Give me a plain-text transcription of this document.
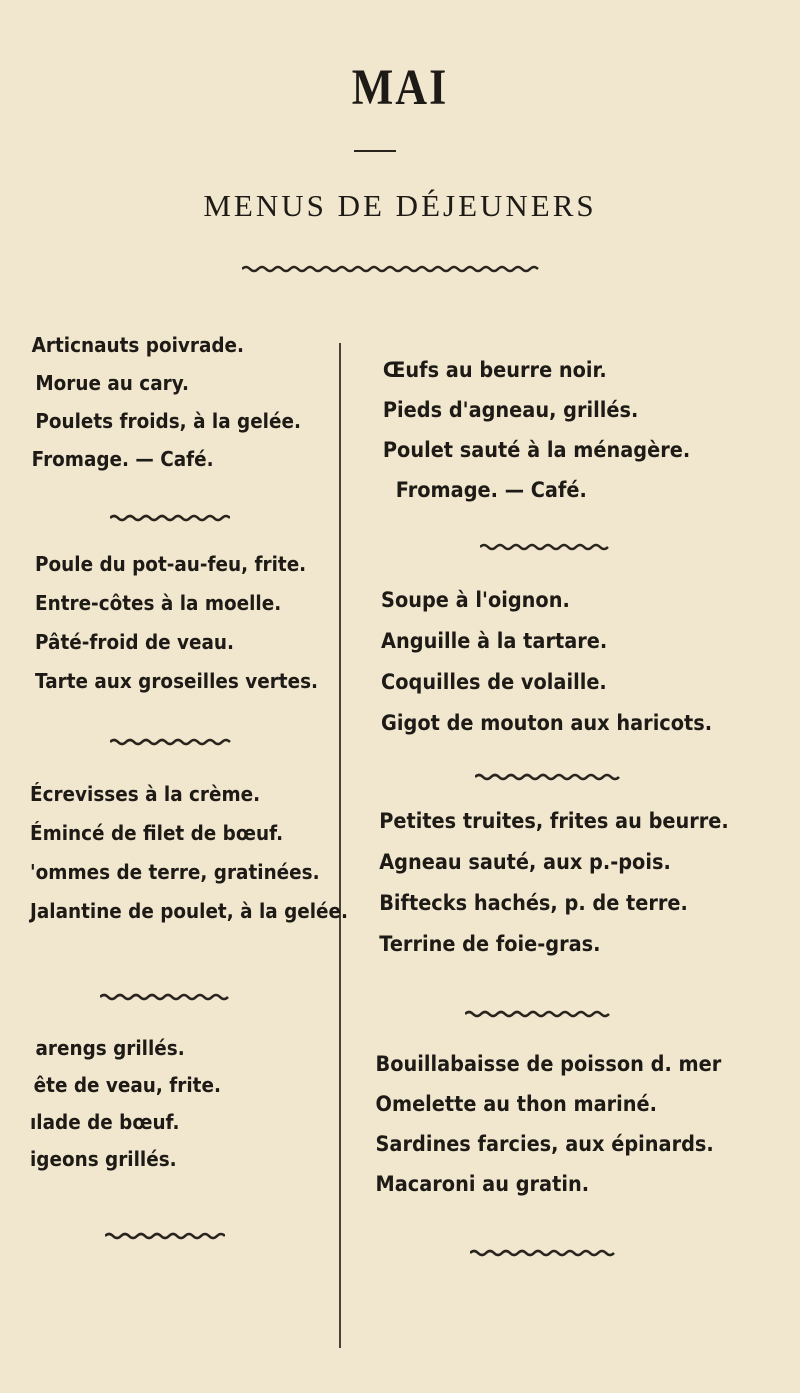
MAI
MENUS DE DÉJEUNERS
Articnauts poivrade.
Morue au cary.
Poulets froids, à la gelée.
Fromage. — Café.
Poule du pot-au-feu, frite.
Entre-côtes à la moelle.
Pâté-froid de veau.
Tarte aux groseilles vertes.
Écrevisses à la crème.
Émincé de filet de bœuf.
'ommes de terre, gratinées.
Jalantine de poulet, à la gelée.
arengs grillés.
ête de veau, frite.
ılade de bœuf.
igeons grillés.
Œufs au beurre noir.
Pieds d'agneau, grillés.
Poulet sauté à la ménagère.
Fromage. — Café.
Soupe à l'oignon.
Anguille à la tartare.
Coquilles de volaille.
Gigot de mouton aux haricots.
Petites truites, frites au beurre.
Agneau sauté, aux p.-pois.
Biftecks hachés, p. de terre.
Terrine de foie-gras.
Bouillabaisse de poisson d. mer
Omelette au thon mariné.
Sardines farcies, aux épinards.
Macaroni au gratin.
